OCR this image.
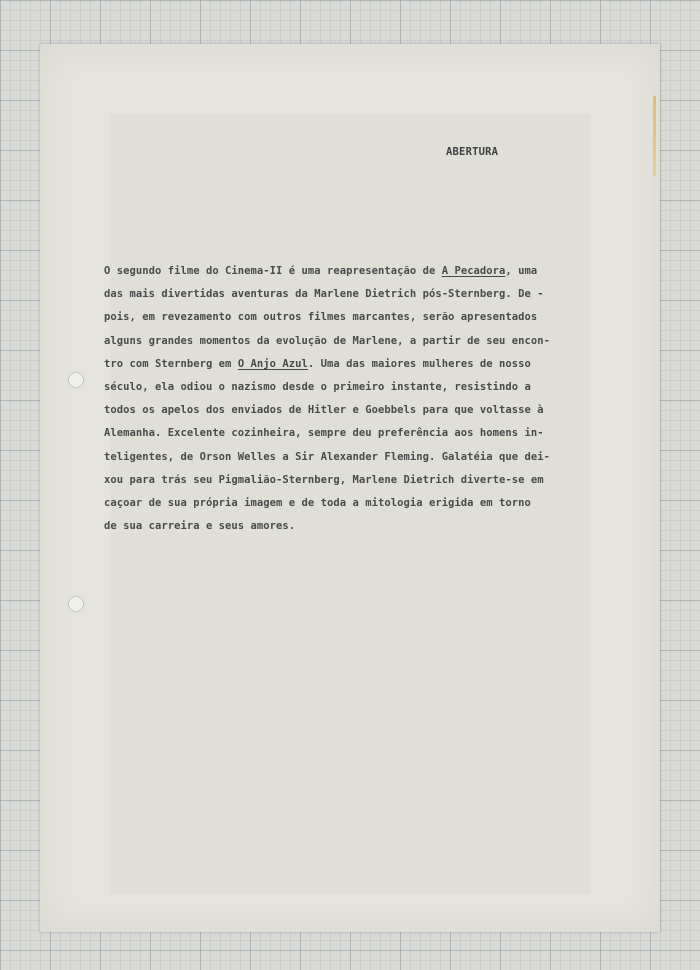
ABERTURA
O segundo filme do Cinema-II é uma reapresentação de A Pecadora, uma
das mais divertidas aventuras da Marlene Dietrich pós-Sternberg. De -
pois, em revezamento com outros filmes marcantes, serão apresentados
alguns grandes momentos da evolução de Marlene, a partir de seu encon-
tro com Sternberg em O Anjo Azul. Uma das maiores mulheres de nosso
século, ela odiou o nazismo desde o primeiro instante, resistindo a
todos os apelos dos enviados de Hitler e Goebbels para que voltasse à
Alemanha. Excelente cozinheira, sempre deu preferência aos homens in-
teligentes, de Orson Welles a Sir Alexander Fleming. Galatéia que dei-
xou para trás seu Pigmalião-Sternberg, Marlene Dietrich diverte-se em
caçoar de sua própria imagem e de toda a mitologia erigida em torno
de sua carreira e seus amores.
